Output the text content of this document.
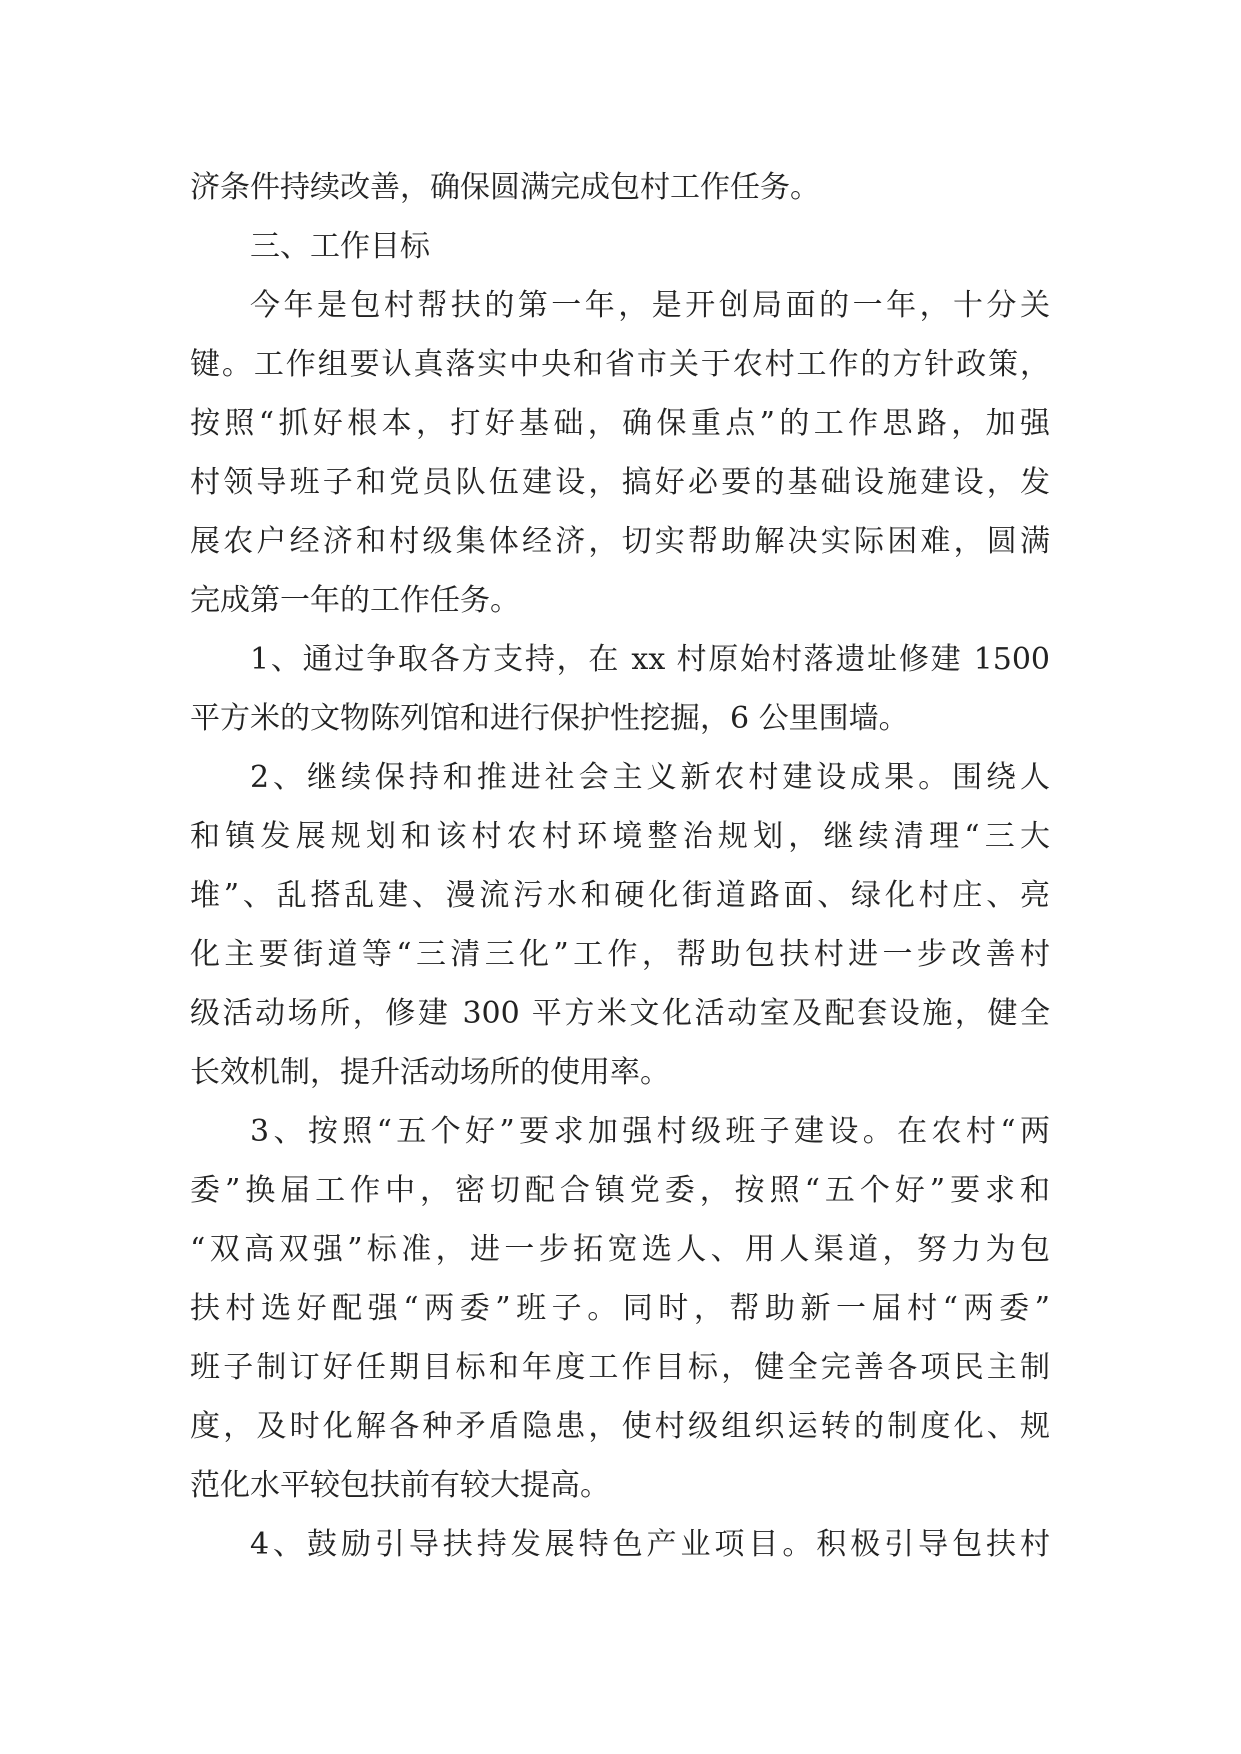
济条件持续改善，确保圆满完成包村工作任务。
三、工作目标
今年是包村帮扶的第一年，是开创局面的一年，十分关
键。工作组要认真落实中央和省市关于农村工作的方针政策，
按照“抓好根本，打好基础，确保重点”的工作思路，加强
村领导班子和党员队伍建设，搞好必要的基础设施建设，发
展农户经济和村级集体经济，切实帮助解决实际困难，圆满
完成第一年的工作任务。
1、通过争取各方支持，在 xx 村原始村落遗址修建 1500
平方米的文物陈列馆和进行保护性挖掘，6 公里围墙。
2、继续保持和推进社会主义新农村建设成果。围绕人
和镇发展规划和该村农村环境整治规划，继续清理“三大
堆”、乱搭乱建、漫流污水和硬化街道路面、绿化村庄、亮
化主要街道等“三清三化”工作，帮助包扶村进一步改善村
级活动场所，修建 300 平方米文化活动室及配套设施，健全
长效机制，提升活动场所的使用率。
3、按照“五个好”要求加强村级班子建设。在农村“两
委”换届工作中，密切配合镇党委，按照“五个好”要求和
“双高双强”标准，进一步拓宽选人、用人渠道，努力为包
扶村选好配强“两委”班子。同时，帮助新一届村“两委”
班子制订好任期目标和年度工作目标，健全完善各项民主制
度，及时化解各种矛盾隐患，使村级组织运转的制度化、规
范化水平较包扶前有较大提高。
4、鼓励引导扶持发展特色产业项目。积极引导包扶村
